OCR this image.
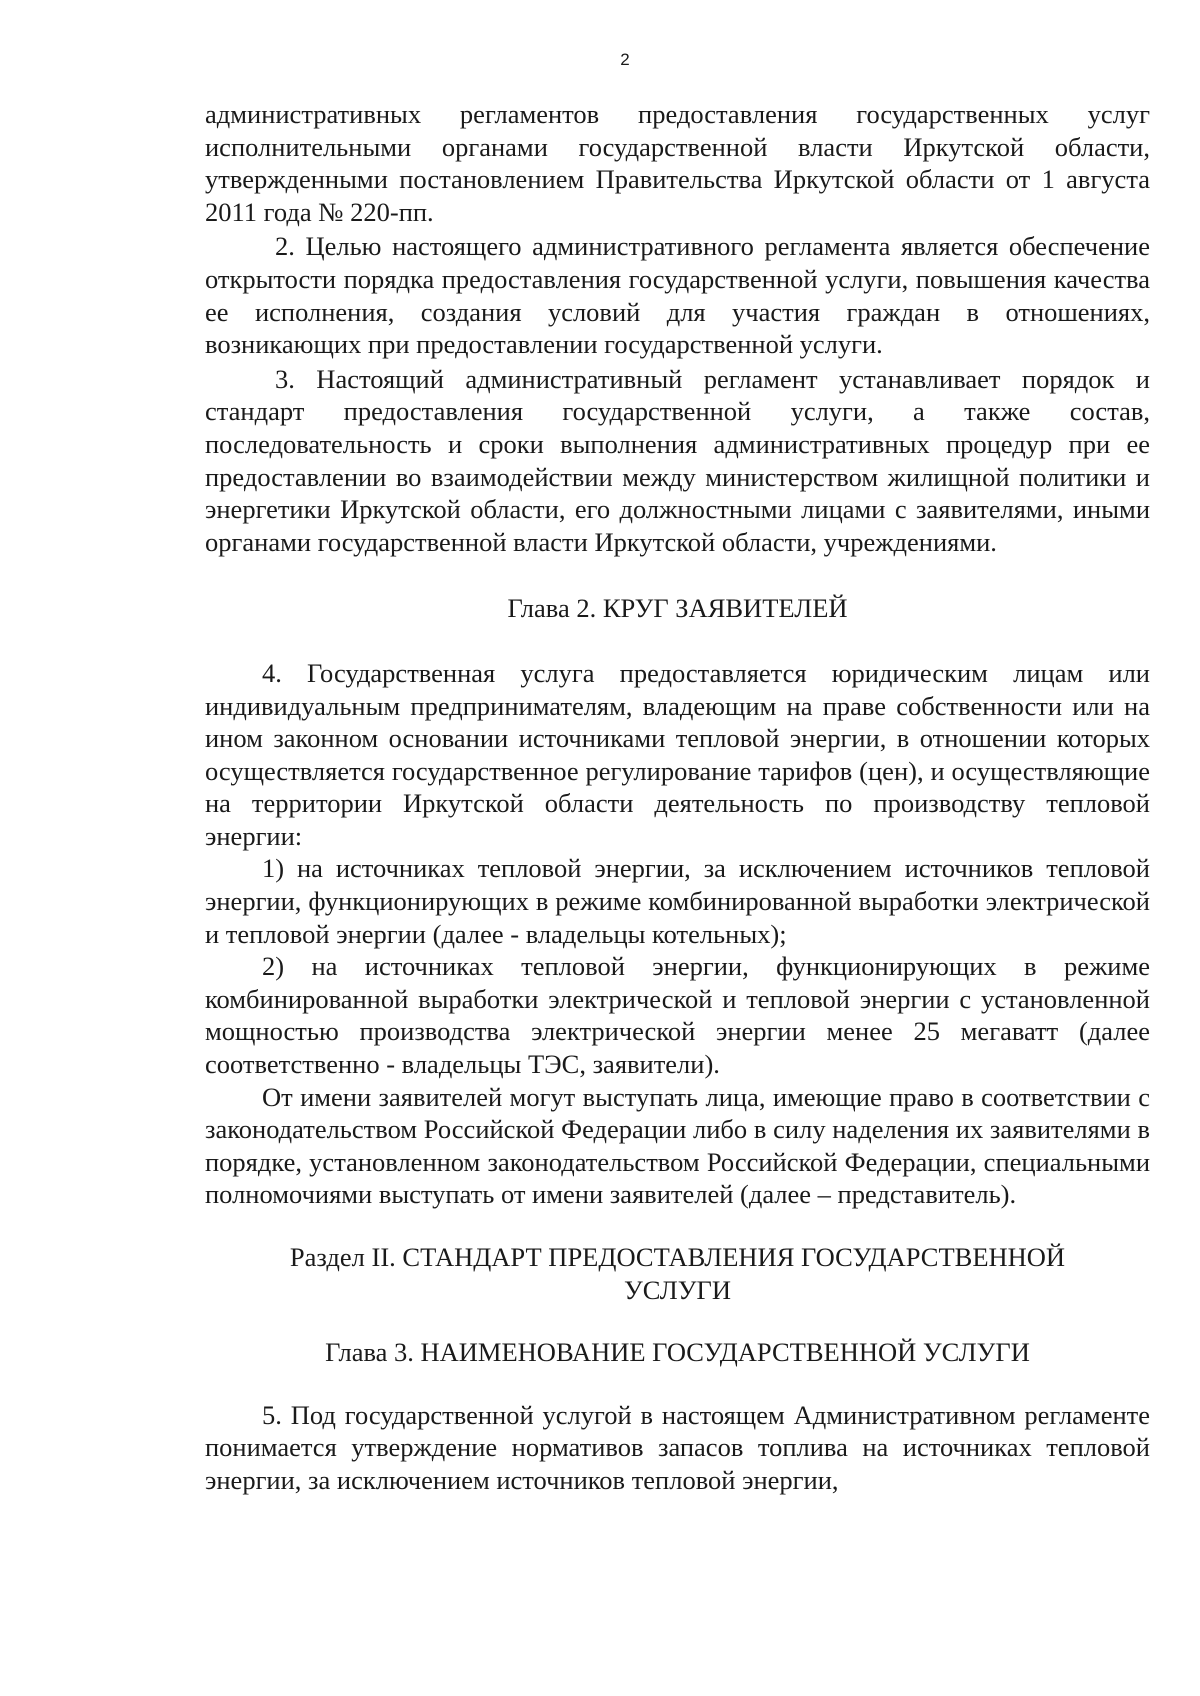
2

административных регламентов предоставления государственных услуг исполнительными органами государственной власти Иркутской области, утвержденными постановлением Правительства Иркутской области от 1 августа 2011 года № 220-пп.

2. Целью настоящего административного регламента является обеспечение открытости порядка предоставления государственной услуги, повышения качества ее исполнения, создания условий для участия граждан в отношениях, возникающих при предоставлении государственной услуги.

3. Настоящий административный регламент устанавливает порядок и стандарт предоставления государственной услуги, а также состав, последовательность и сроки выполнения административных процедур при ее предоставлении во взаимодействии между министерством жилищной политики и энергетики Иркутской области, его должностными лицами с заявителями, иными органами государственной власти Иркутской области, учреждениями.

Глава 2. КРУГ ЗАЯВИТЕЛЕЙ

4. Государственная услуга предоставляется юридическим лицам или индивидуальным предпринимателям, владеющим на праве собственности или на ином законном основании источниками тепловой энергии, в отношении которых осуществляется государственное регулирование тарифов (цен), и осуществляющие на территории Иркутской области деятельность по производству тепловой энергии:

1) на источниках тепловой энергии, за исключением источников тепловой энергии, функционирующих в режиме комбинированной выработки электрической и тепловой энергии (далее - владельцы котельных);

2) на источниках тепловой энергии, функционирующих в режиме комбинированной выработки электрической и тепловой энергии с установленной мощностью производства электрической энергии менее 25 мегаватт (далее соответственно - владельцы ТЭС, заявители).

От имени заявителей могут выступать лица, имеющие право в соответствии с законодательством Российской Федерации либо в силу наделения их заявителями в порядке, установленном законодательством Российской Федерации, специальными полномочиями выступать от имени заявителей (далее – представитель).

Раздел II. СТАНДАРТ ПРЕДОСТАВЛЕНИЯ ГОСУДАРСТВЕННОЙ

УСЛУГИ

Глава 3. НАИМЕНОВАНИЕ ГОСУДАРСТВЕННОЙ УСЛУГИ

5. Под государственной услугой в настоящем Административном регламенте понимается утверждение нормативов запасов топлива на источниках тепловой энергии, за исключением источников тепловой энергии,
